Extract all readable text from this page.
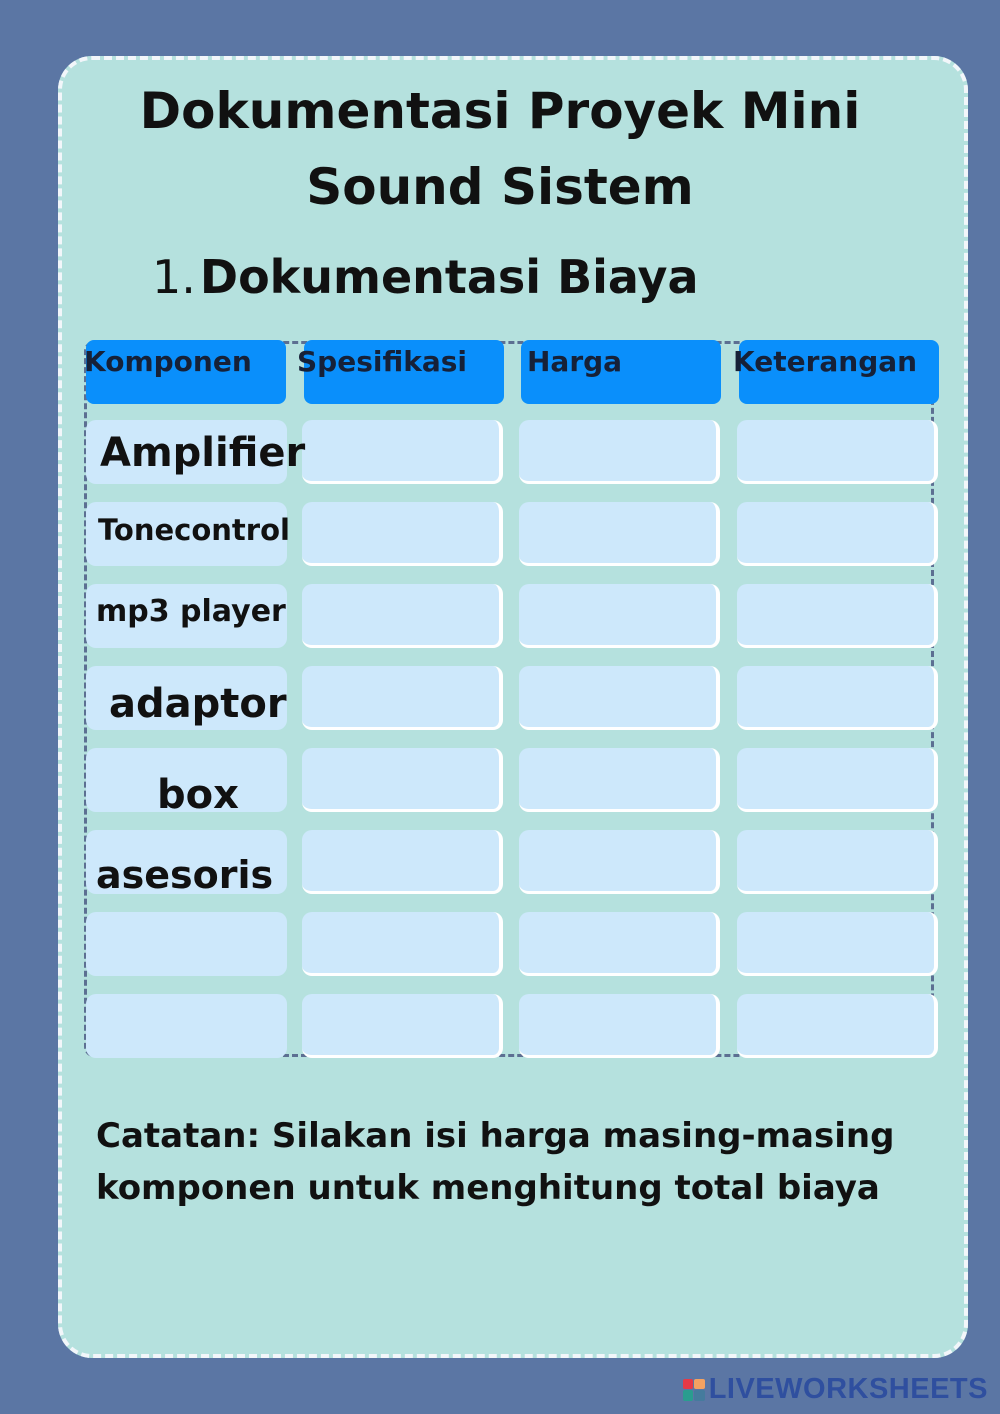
Dokumentasi Proyek Mini
Sound Sistem
1.Dokumentasi Biaya
Komponen Spesifikasi Harga	Keterangan
Amplifier
Tonecontrol
mp3 player
adaptor
box
asesoris

Catatan: Silakan isi harga masing-masing
komponen untuk menghitung total biaya

LIVEWORKSHEETS
